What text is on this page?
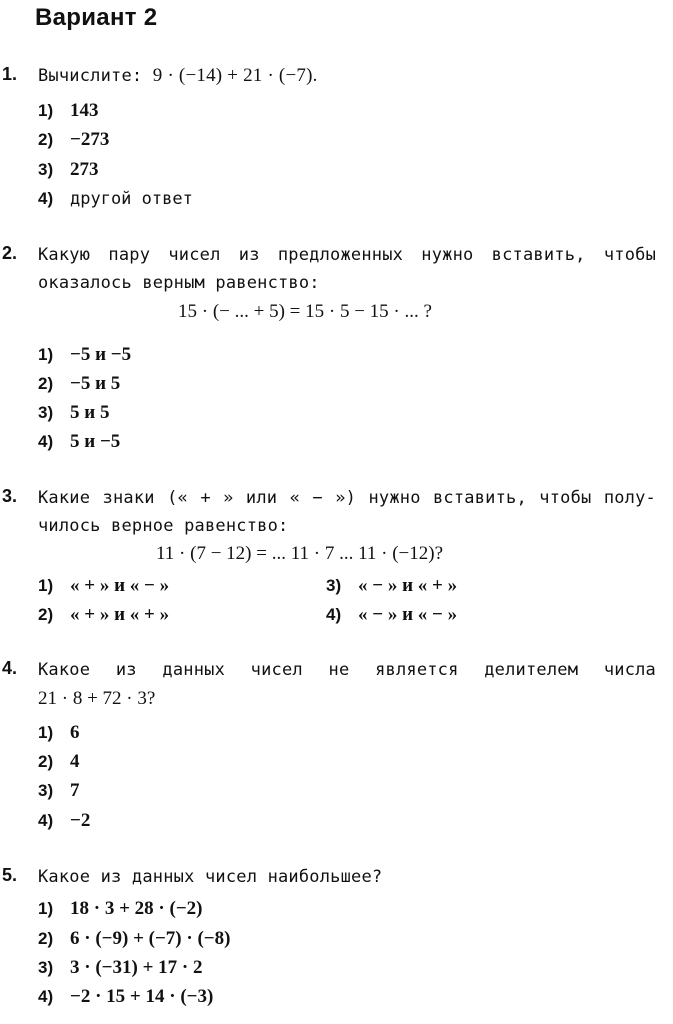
Вариант 2
1. Вычислите: 9 · (−14) + 21 · (−7).
1) 143
2) −273
3) 273
4) другой ответ
2. Какую пару чисел из предложенных нужно вставить, чтобы
оказалось верным равенство:
15 · (− ... + 5) = 15 · 5 − 15 · ... ?
1) −5 и −5
2) −5 и 5
3) 5 и 5
4) 5 и −5
3. Какие знаки (« + » или « − ») нужно вставить, чтобы полу-
чилось верное равенство:
11 · (7 − 12) = ... 11 · 7 ... 11 · (−12)?
1) « + » и « − »
2) « + » и « + »
3) « − » и « + »
4) « − » и « − »
4. Какое из данных чисел не является делителем числа
21 · 8 + 72 · 3?
1) 6
2) 4
3) 7
4) −2
5. Какое из данных чисел наибольшее?
1) 18 · 3 + 28 · (−2)
2) 6 · (−9) + (−7) · (−8)
3) 3 · (−31) + 17 · 2
4) −2 · 15 + 14 · (−3)
